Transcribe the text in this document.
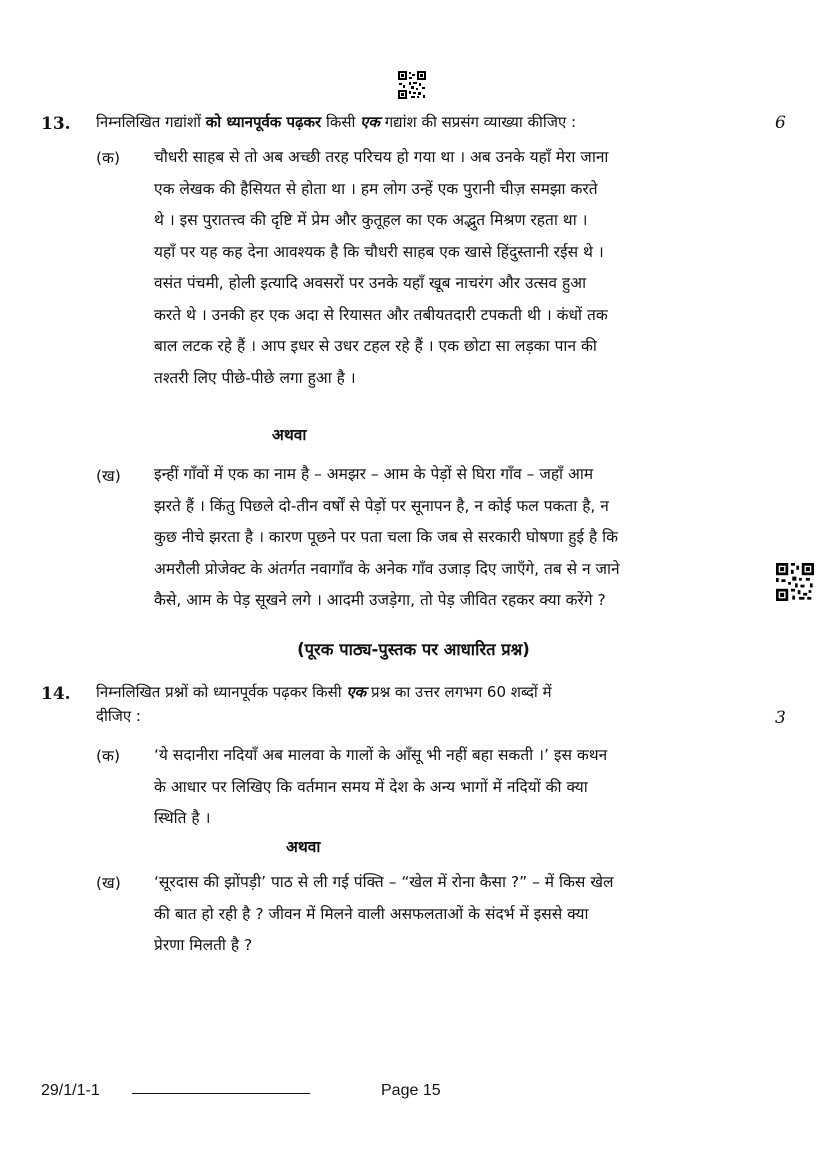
13. निम्नलिखित गद्यांशों को ध्यानपूर्वक पढ़कर किसी एक गद्यांश की सप्रसंग व्याख्या कीजिए :	6
(क) चौधरी साहब से तो अब अच्छी तरह परिचय हो गया था । अब उनके यहाँ मेरा जाना
एक लेखक की हैसियत से होता था । हम लोग उन्हें एक पुरानी चीज़ समझा करते
थे । इस पुरातत्त्व की दृष्टि में प्रेम और कुतूहल का एक अद्भुत मिश्रण रहता था ।
यहाँ पर यह कह देना आवश्यक है कि चौधरी साहब एक खासे हिंदुस्तानी रईस थे ।
वसंत पंचमी, होली इत्यादि अवसरों पर उनके यहाँ खूब नाचरंग और उत्सव हुआ
करते थे । उनकी हर एक अदा से रियासत और तबीयतदारी टपकती थी । कंधों तक
बाल लटक रहे हैं । आप इधर से उधर टहल रहे हैं । एक छोटा सा लड़का पान की
तश्तरी लिए पीछे-पीछे लगा हुआ है ।
अथवा
(ख) इन्हीं गाँवों में एक का नाम है – अमझर – आम के पेड़ों से घिरा गाँव – जहाँ आम
झरते हैं । किंतु पिछले दो-तीन वर्षों से पेड़ों पर सूनापन है, न कोई फल पकता है, न
कुछ नीचे झरता है । कारण पूछने पर पता चला कि जब से सरकारी घोषणा हुई है कि
अमरौली प्रोजेक्ट के अंतर्गत नवागाँव के अनेक गाँव उजाड़ दिए जाएँगे, तब से न जाने
कैसे, आम के पेड़ सूखने लगे । आदमी उजड़ेगा, तो पेड़ जीवित रहकर क्या करेंगे ?
(पूरक पाठ्य-पुस्तक पर आधारित प्रश्न)
14. निम्नलिखित प्रश्नों को ध्यानपूर्वक पढ़कर किसी एक प्रश्न का उत्तर लगभग 60 शब्दों में
दीजिए :	3
(क) ‘ये सदानीरा नदियाँ अब मालवा के गालों के आँसू भी नहीं बहा सकती ।’ इस कथन
के आधार पर लिखिए कि वर्तमान समय में देश के अन्य भागों में नदियों की क्या
स्थिति है ।
अथवा
(ख) ‘सूरदास की झोंपड़ी’ पाठ से ली गई पंक्ति – “खेल में रोना कैसा ?” – में किस खेल
की बात हो रही है ? जीवन में मिलने वाली असफलताओं के संदर्भ में इससे क्या
प्रेरणा मिलती है ?
29/1/1-1	Page 15
